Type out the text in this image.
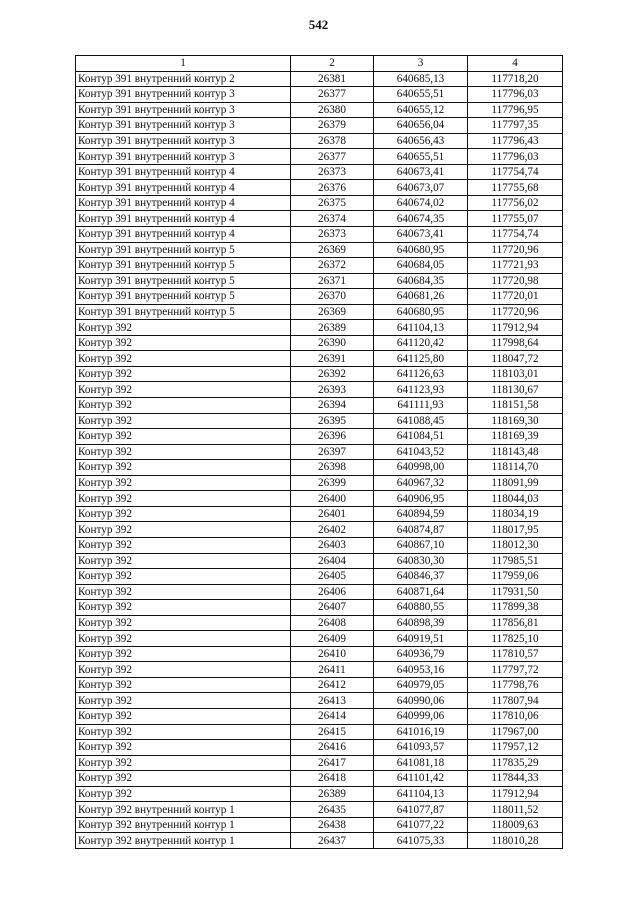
542
1	2	3	4
Контур 391 внутренний контур 2	26381	640685,13	117718,20
Контур 391 внутренний контур 3	26377	640655,51	117796,03
Контур 391 внутренний контур 3	26380	640655,12	117796,95
Контур 391 внутренний контур 3	26379	640656,04	117797,35
Контур 391 внутренний контур 3	26378	640656,43	117796,43
Контур 391 внутренний контур 3	26377	640655,51	117796,03
Контур 391 внутренний контур 4	26373	640673,41	117754,74
Контур 391 внутренний контур 4	26376	640673,07	117755,68
Контур 391 внутренний контур 4	26375	640674,02	117756,02
Контур 391 внутренний контур 4	26374	640674,35	117755,07
Контур 391 внутренний контур 4	26373	640673,41	117754,74
Контур 391 внутренний контур 5	26369	640680,95	117720,96
Контур 391 внутренний контур 5	26372	640684,05	117721,93
Контур 391 внутренний контур 5	26371	640684,35	117720,98
Контур 391 внутренний контур 5	26370	640681,26	117720,01
Контур 391 внутренний контур 5	26369	640680,95	117720,96
Контур 392	26389	641104,13	117912,94
Контур 392	26390	641120,42	117998,64
Контур 392	26391	641125,80	118047,72
Контур 392	26392	641126,63	118103,01
Контур 392	26393	641123,93	118130,67
Контур 392	26394	641111,93	118151,58
Контур 392	26395	641088,45	118169,30
Контур 392	26396	641084,51	118169,39
Контур 392	26397	641043,52	118143,48
Контур 392	26398	640998,00	118114,70
Контур 392	26399	640967,32	118091,99
Контур 392	26400	640906,95	118044,03
Контур 392	26401	640894,59	118034,19
Контур 392	26402	640874,87	118017,95
Контур 392	26403	640867,10	118012,30
Контур 392	26404	640830,30	117985,51
Контур 392	26405	640846,37	117959,06
Контур 392	26406	640871,64	117931,50
Контур 392	26407	640880,55	117899,38
Контур 392	26408	640898,39	117856,81
Контур 392	26409	640919,51	117825,10
Контур 392	26410	640936,79	117810,57
Контур 392	26411	640953,16	117797,72
Контур 392	26412	640979,05	117798,76
Контур 392	26413	640990,06	117807,94
Контур 392	26414	640999,06	117810,06
Контур 392	26415	641016,19	117967,00
Контур 392	26416	641093,57	117957,12
Контур 392	26417	641081,18	117835,29
Контур 392	26418	641101,42	117844,33
Контур 392	26389	641104,13	117912,94
Контур 392 внутренний контур 1	26435	641077,87	118011,52
Контур 392 внутренний контур 1	26438	641077,22	118009,63
Контур 392 внутренний контур 1	26437	641075,33	118010,28
